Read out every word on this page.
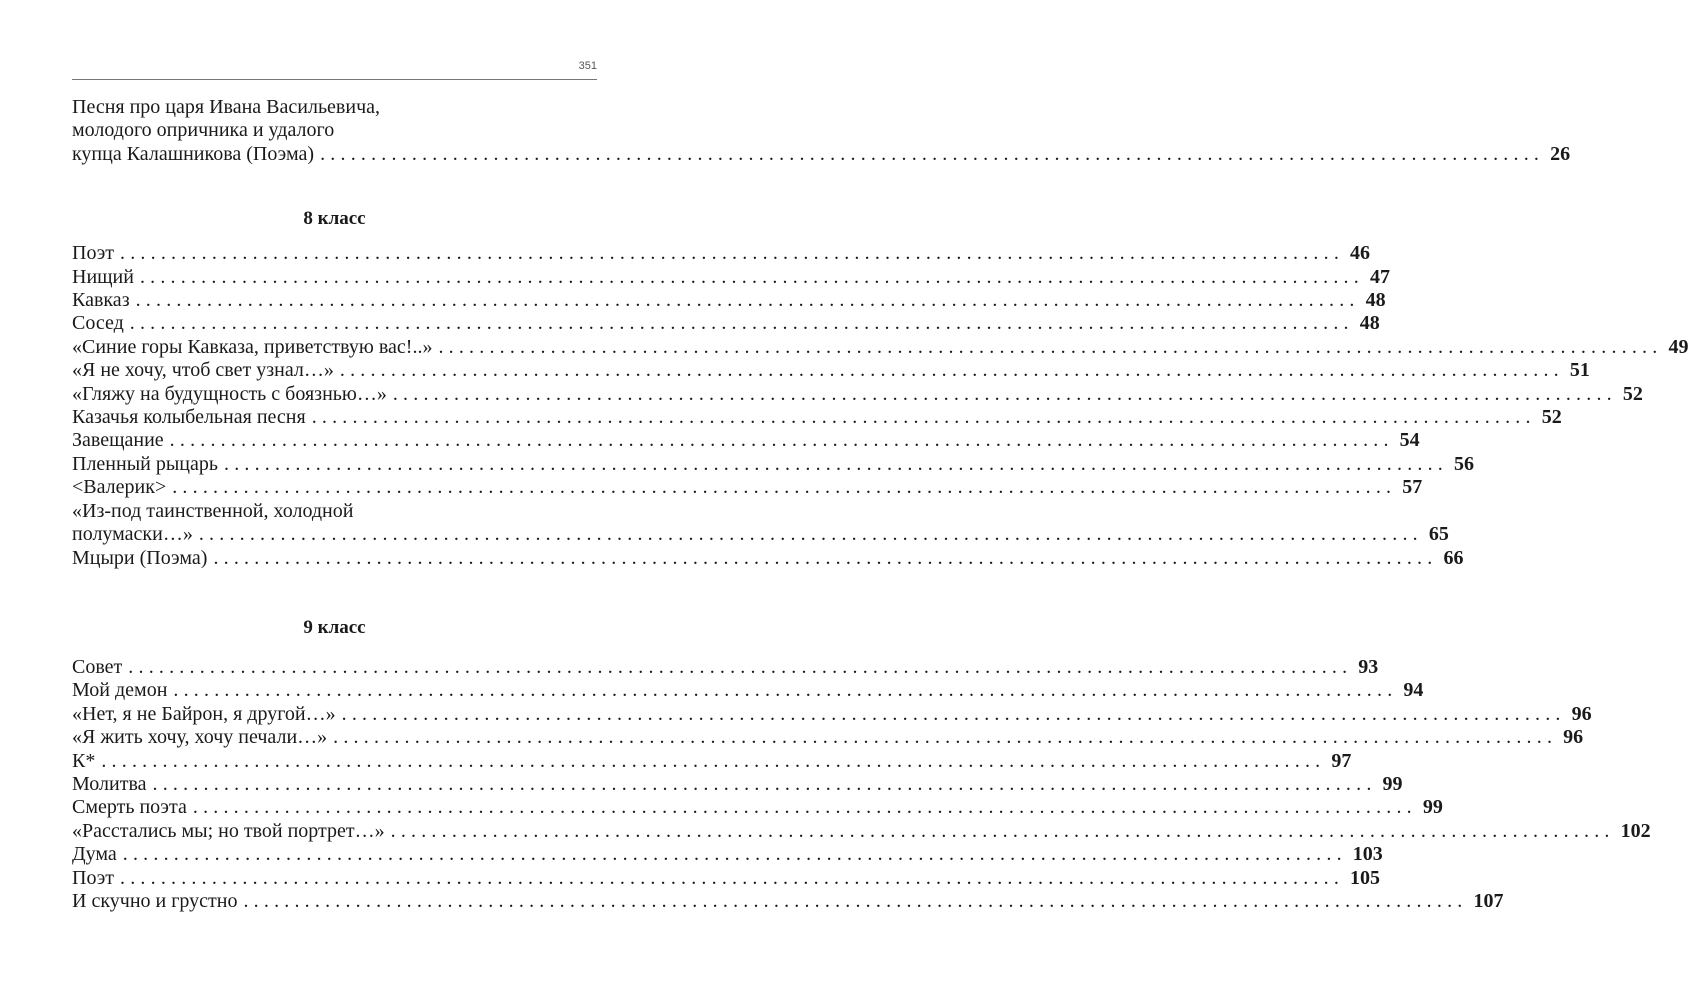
351
Песня про царя Ивана Васильевича,
молодого опричника и удалого
купца Калашникова (Поэма) ........................................................................................................................ 26
8 класс
Поэт ........................................................................................................................ 46
Нищий ........................................................................................................................ 47
Кавказ ........................................................................................................................ 48
Сосед ........................................................................................................................ 48
«Синие горы Кавказа, приветствую вас!..» ........................................................................................................................ 49
«Я не хочу, чтоб свет узнал…» ........................................................................................................................ 51
«Гляжу на будущность с боязнью…» ........................................................................................................................ 52
Казачья колыбельная песня ........................................................................................................................ 52
Завещание ........................................................................................................................ 54
Пленный рыцарь ........................................................................................................................ 56
<Валерик> ........................................................................................................................ 57
«Из-под таинственной, холодной
полумаски…» ........................................................................................................................ 65
Мцыри (Поэма) ........................................................................................................................ 66
9 класс
Совет ........................................................................................................................ 93
Мой демон ........................................................................................................................ 94
«Нет, я не Байрон, я другой…» ........................................................................................................................ 96
«Я жить хочу, хочу печали…» ........................................................................................................................ 96
К* ........................................................................................................................ 97
Молитва ........................................................................................................................ 99
Смерть поэта ........................................................................................................................ 99
«Расстались мы; но твой портрет…» ........................................................................................................................ 102
Дума ........................................................................................................................ 103
Поэт ........................................................................................................................ 105
И скучно и грустно ........................................................................................................................ 107
